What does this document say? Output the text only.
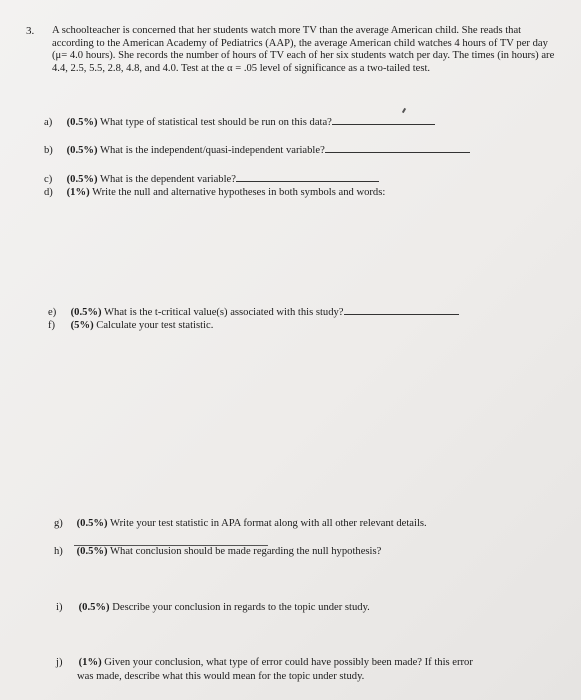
3. A schoolteacher is concerned that her students watch more TV than the average American child. She reads that according to the American Academy of Pediatrics (AAP), the average American child watches 4 hours of TV per day (μ= 4.0 hours). She records the number of hours of TV each of her six students watch per day. The times (in hours) are 4.4, 2.5, 5.5, 2.8, 4.8, and 4.0. Test at the α = .05 level of significance as a two-tailed test.
a) (0.5%) What type of statistical test should be run on this data?
b) (0.5%) What is the independent/quasi-independent variable?
c) (0.5%) What is the dependent variable?
d) (1%) Write the null and alternative hypotheses in both symbols and words:
e) (0.5%) What is the t-critical value(s) associated with this study?
f) (5%) Calculate your test statistic.
g) (0.5%) Write your test statistic in APA format along with all other relevant details.
h) (0.5%) What conclusion should be made regarding the null hypothesis?
i) (0.5%) Describe your conclusion in regards to the topic under study.
j) (1%) Given your conclusion, what type of error could have possibly been made? If this error
was made, describe what this would mean for the topic under study.
